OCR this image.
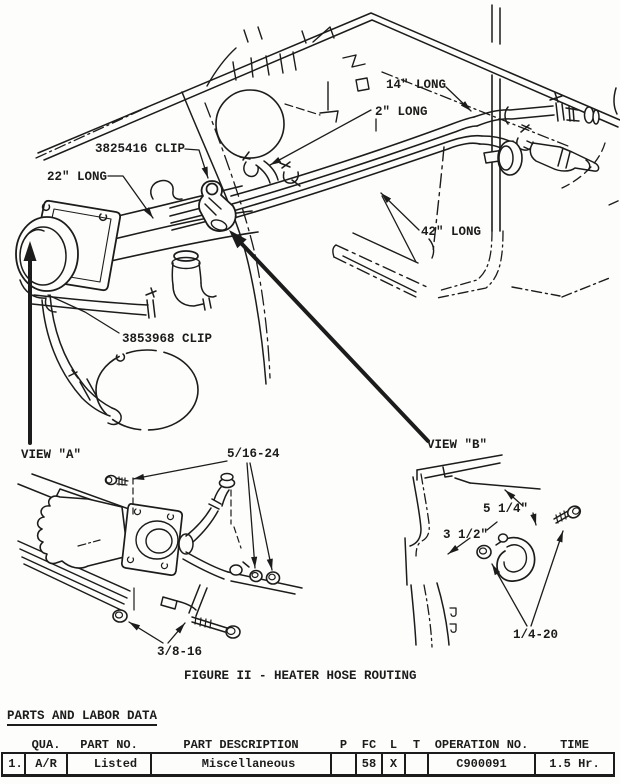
14" LONG
2" LONG
3825416 CLIP
22" LONG
42" LONG
3853968 CLIP
VIEW "A"	5/16-24
VIEW "B"
5 1/4"
3 1/2"
1/4-20
3/8-16
FIGURE II - HEATER HOSE ROUTING
PARTS AND LABOR DATA
	QUA.	PART NO.	PART DESCRIPTION	P	FC	L	T	OPERATION NO.	TIME
1.	A/R	Listed	Miscellaneous		58	X		C900091	1.5 Hr.
